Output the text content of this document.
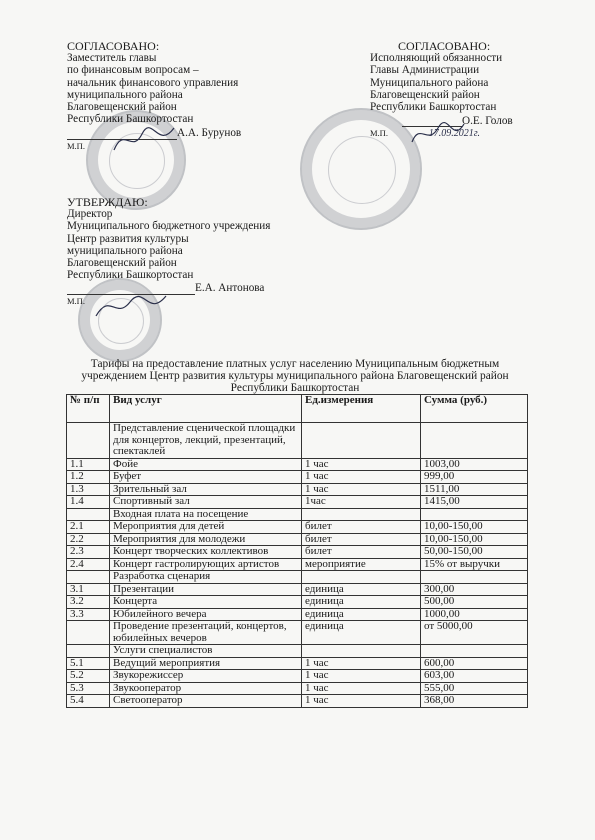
СОГЛАСОВАНО:
Заместитель главы
по финансовым вопросам –
начальник финансового управления
муниципального района
Благовещенский район
Республики Башкортостан
А.А. Бурунов
М.П.
СОГЛАСОВАНО:
Исполняющий обязанности
Главы Администрации
Муниципального района
Благовещенский район
Республики Башкортостан
О.Е. Голов
М.П.	17.09.2021г.
УТВЕРЖДАЮ:
Директор
Муниципального бюджетного учреждения
Центр развития культуры
муниципального района
Благовещенский район
Республики Башкортостан
Е.А. Антонова
М.П.
Тарифы на предоставление платных услуг населению Муниципальным бюджетным
учреждением Центр развития культуры муниципального района Благовещенский район
Республики Башкортостан
№ п/п	Вид услуг	Ед.измерения	Сумма (руб.)
	Представление сценической площадки для концертов, лекций, презентаций, спектаклей		
1.1	Фойе	1 час	1003,00
1.2	Буфет	1 час	999,00
1.3	Зрительный зал	1 час	1511,00
1.4	Спортивный зал	1час	1415,00
	Входная плата на посещение		
2.1	Мероприятия для детей	билет	10,00-150,00
2.2	Мероприятия для молодежи	билет	10,00-150,00
2.3	Концерт творческих коллективов	билет	50,00-150,00
2.4	Концерт гастролирующих артистов	мероприятие	15% от выручки
	Разработка сценария		
3.1	Презентации	единица	300,00
3.2	Концерта	единица	500,00
3.3	Юбилейного вечера	единица	1000,00
	Проведение презентаций, концертов, юбилейных вечеров	единица	от 5000,00
	Услуги специалистов		
5.1	Ведущий мероприятия	1 час	600,00
5.2	Звукорежиссер	1 час	603,00
5.3	Звукооператор	1 час	555,00
5.4	Светооператор	1 час	368,00
